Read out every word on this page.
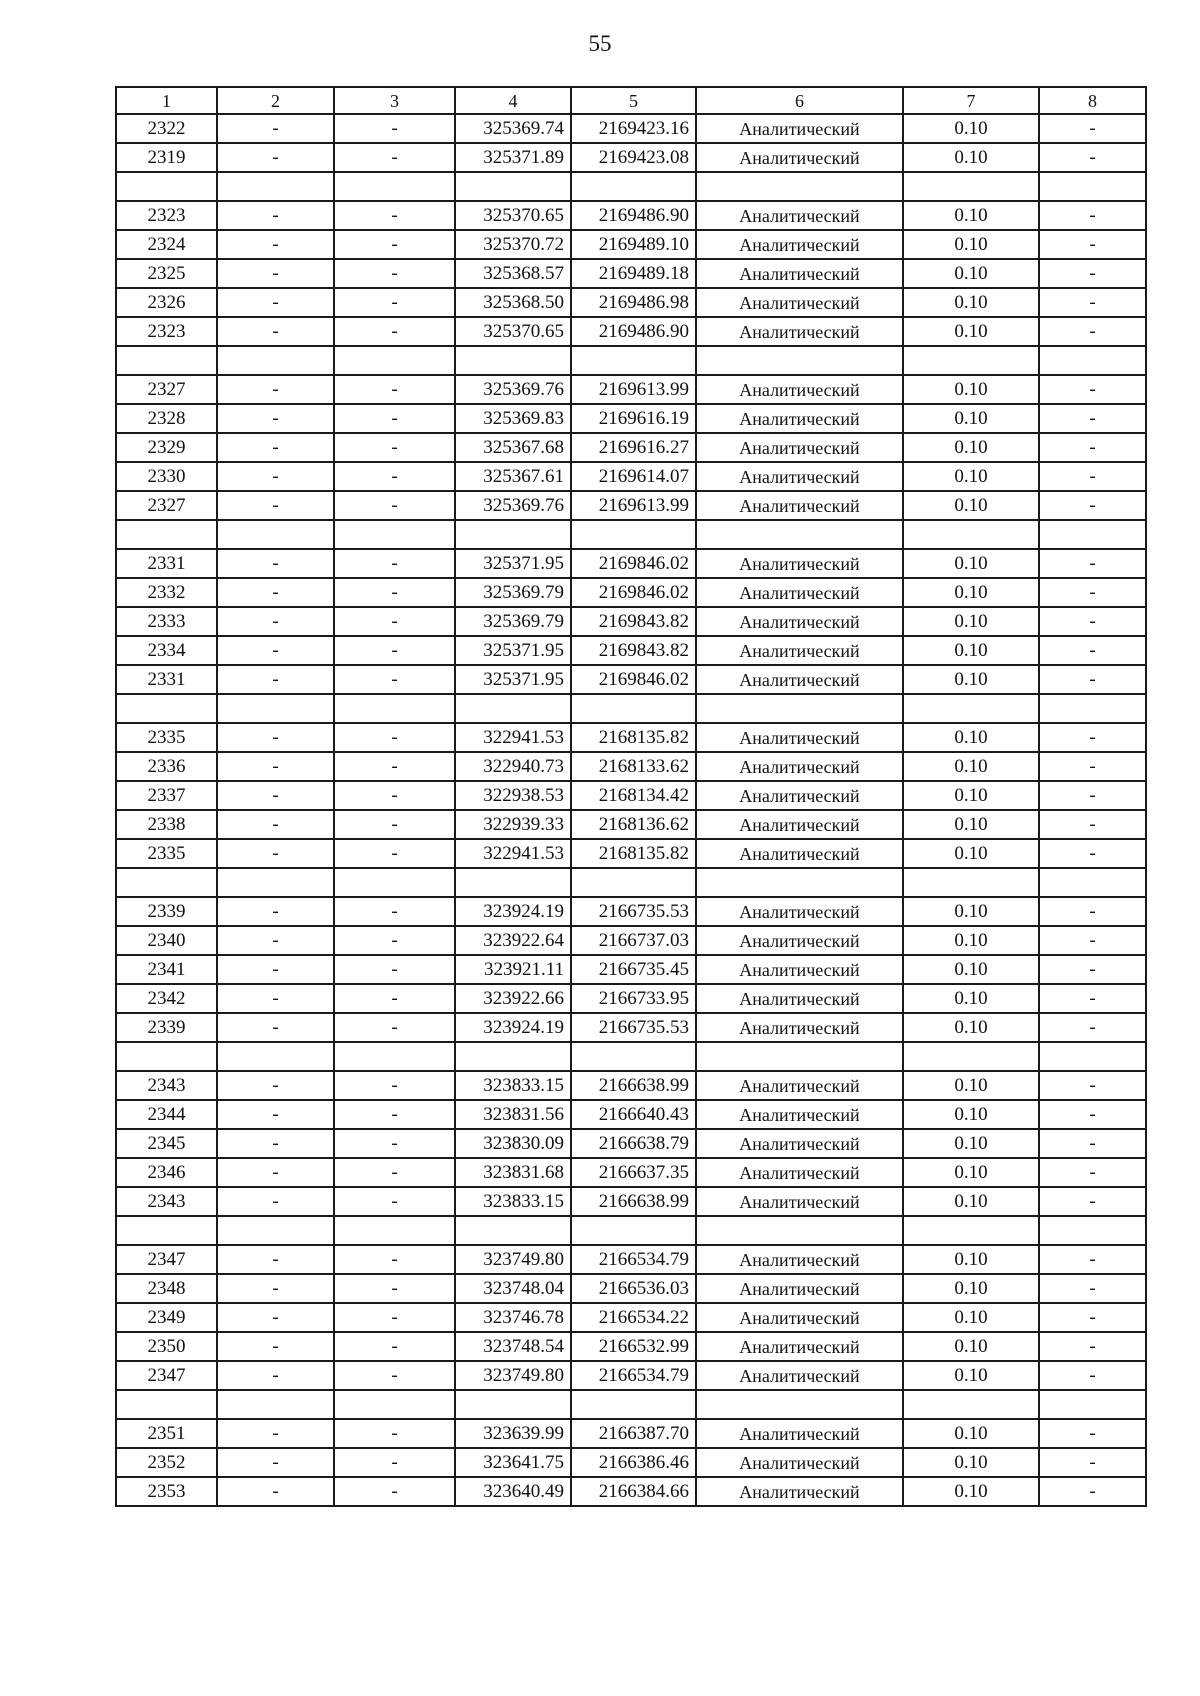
55
1	2	3	4	5	6	7	8
2322	-	-	325369.74	2169423.16	Аналитический	0.10	-
2319	-	-	325371.89	2169423.08	Аналитический	0.10	-

2323	-	-	325370.65	2169486.90	Аналитический	0.10	-
2324	-	-	325370.72	2169489.10	Аналитический	0.10	-
2325	-	-	325368.57	2169489.18	Аналитический	0.10	-
2326	-	-	325368.50	2169486.98	Аналитический	0.10	-
2323	-	-	325370.65	2169486.90	Аналитический	0.10	-

2327	-	-	325369.76	2169613.99	Аналитический	0.10	-
2328	-	-	325369.83	2169616.19	Аналитический	0.10	-
2329	-	-	325367.68	2169616.27	Аналитический	0.10	-
2330	-	-	325367.61	2169614.07	Аналитический	0.10	-
2327	-	-	325369.76	2169613.99	Аналитический	0.10	-

2331	-	-	325371.95	2169846.02	Аналитический	0.10	-
2332	-	-	325369.79	2169846.02	Аналитический	0.10	-
2333	-	-	325369.79	2169843.82	Аналитический	0.10	-
2334	-	-	325371.95	2169843.82	Аналитический	0.10	-
2331	-	-	325371.95	2169846.02	Аналитический	0.10	-

2335	-	-	322941.53	2168135.82	Аналитический	0.10	-
2336	-	-	322940.73	2168133.62	Аналитический	0.10	-
2337	-	-	322938.53	2168134.42	Аналитический	0.10	-
2338	-	-	322939.33	2168136.62	Аналитический	0.10	-
2335	-	-	322941.53	2168135.82	Аналитический	0.10	-

2339	-	-	323924.19	2166735.53	Аналитический	0.10	-
2340	-	-	323922.64	2166737.03	Аналитический	0.10	-
2341	-	-	323921.11	2166735.45	Аналитический	0.10	-
2342	-	-	323922.66	2166733.95	Аналитический	0.10	-
2339	-	-	323924.19	2166735.53	Аналитический	0.10	-

2343	-	-	323833.15	2166638.99	Аналитический	0.10	-
2344	-	-	323831.56	2166640.43	Аналитический	0.10	-
2345	-	-	323830.09	2166638.79	Аналитический	0.10	-
2346	-	-	323831.68	2166637.35	Аналитический	0.10	-
2343	-	-	323833.15	2166638.99	Аналитический	0.10	-

2347	-	-	323749.80	2166534.79	Аналитический	0.10	-
2348	-	-	323748.04	2166536.03	Аналитический	0.10	-
2349	-	-	323746.78	2166534.22	Аналитический	0.10	-
2350	-	-	323748.54	2166532.99	Аналитический	0.10	-
2347	-	-	323749.80	2166534.79	Аналитический	0.10	-

2351	-	-	323639.99	2166387.70	Аналитический	0.10	-
2352	-	-	323641.75	2166386.46	Аналитический	0.10	-
2353	-	-	323640.49	2166384.66	Аналитический	0.10	-
